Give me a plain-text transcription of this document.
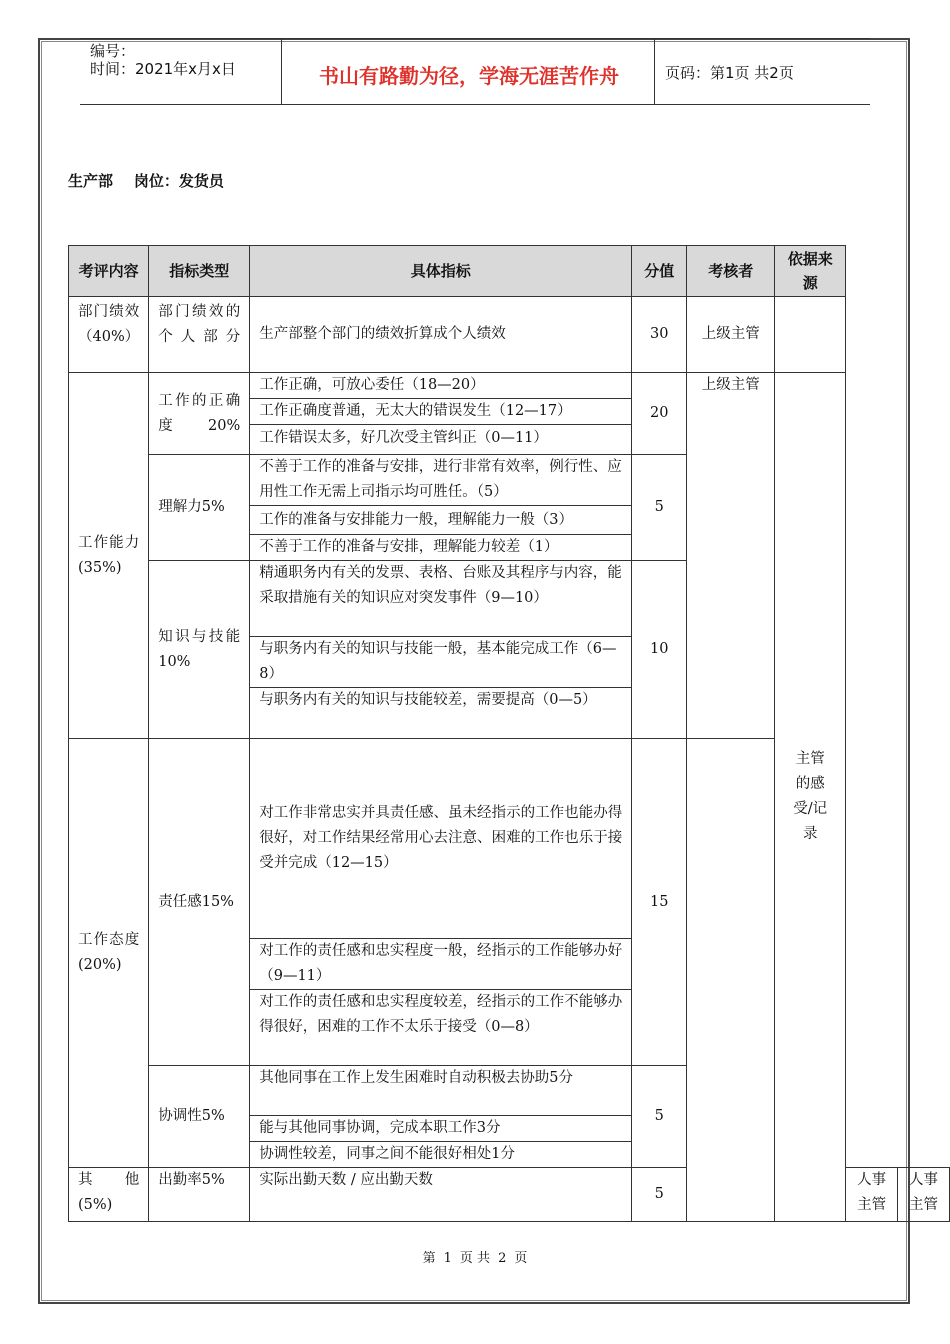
编号：
时间：2021年x月x日	书山有路勤为径，学海无涯苦作舟	页码：第1页 共2页
生产部    岗位：发货员
考评内容	指标类型	具体指标	分值	考核者	依据来源		
部门绩效（40%）	部门绩效的个人部分	生产部整个部门的绩效折算成个人绩效	30	上级主管			
工作能力(35%)	工作的正确度20%	工作正确，可放心委任（18—20）	20	上级主管	主管的感受/记录		
		工作正确度普通，无太大的错误发生（12—17）					
		工作错误太多，好几次受主管纠正（0—11）					
	理解力5%	不善于工作的准备与安排，进行非常有效率，例行性、应用性工作无需上司指示均可胜任。（5）	5				
		工作的准备与安排能力一般，理解能力一般（3）					
		不善于工作的准备与安排，理解能力较差（1）					
	知识与技能10%	精通职务内有关的发票、表格、台账及其程序与内容，能采取措施有关的知识应对突发事件（9—10）	10				
		与职务内有关的知识与技能一般，基本能完成工作（6—8）					
		与职务内有关的知识与技能较差，需要提高（0—5）					
工作态度(20%)	责任感15%	对工作非常忠实并具责任感、虽未经指示的工作也能办得很好，对工作结果经常用心去注意、困难的工作也乐于接受并完成（12—15）	15				
		对工作的责任感和忠实程度一般，经指示的工作能够办好（9—11）					
		对工作的责任感和忠实程度较差，经指示的工作不能够办得很好，困难的工作不太乐于接受（0—8）					
	协调性5%	其他同事在工作上发生困难时自动积极去协助5分	5				
		能与其他同事协调，完成本职工作3分					
		协调性较差，同事之间不能很好相处1分					
其他(5%)	出勤率5%	实际出勤天数 / 应出勤天数	5			人事主管	人事主管
第 1 页 共 2 页
